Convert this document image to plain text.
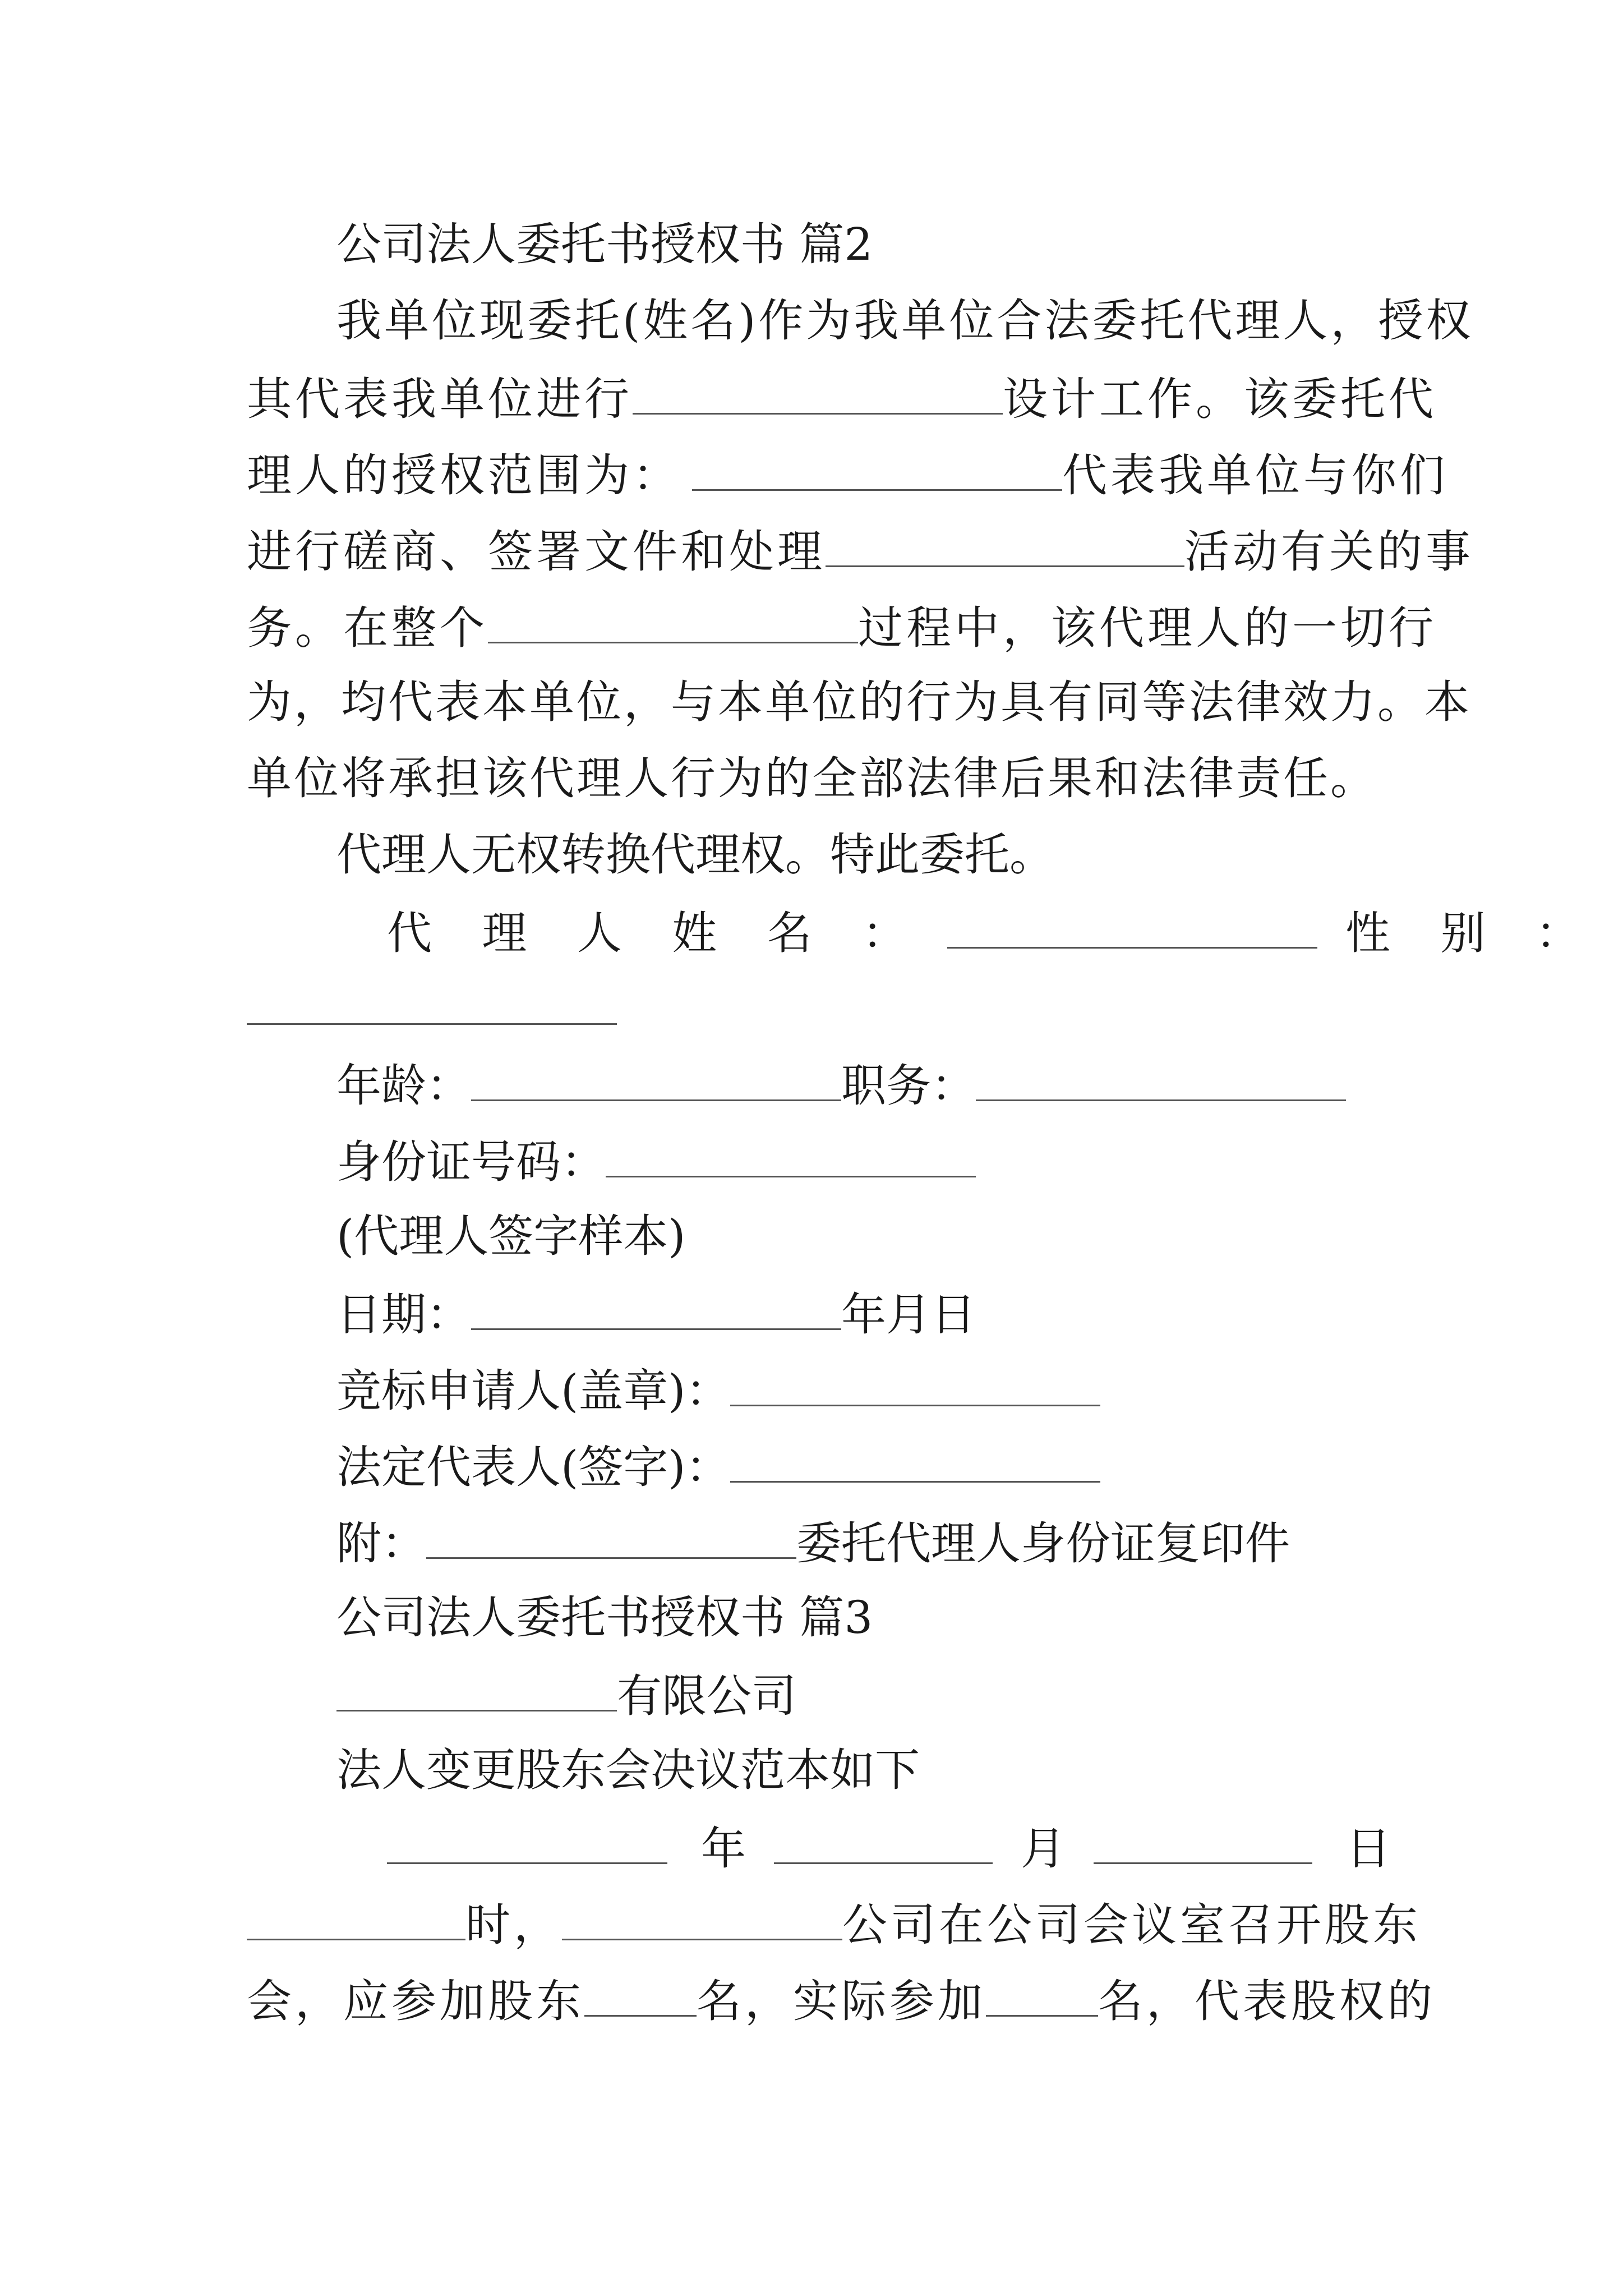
公司法人委托书授权书 篇2
我单位现委托(姓名)作为我单位合法委托代理人，授权
其代表我单位进行	设计工作。该委托代
理人的授权范围为：	代表我单位与你们
进行磋商、签署文件和处理	活动有关的事
务。在整个	过程中，该代理人的一切行
为，均代表本单位，与本单位的行为具有同等法律效力。本
单位将承担该代理人行为的全部法律后果和法律责任。
代理人无权转换代理权。特此委托。
代 理 人 姓 名 ：	性 别 ：
年龄：	职务：
身份证号码：
(代理人签字样本)
日期：	年月日
竞标申请人(盖章)：
法定代表人(签字)：
附：	委托代理人身份证复印件
公司法人委托书授权书 篇3
有限公司
法人变更股东会决议范本如下
年	月	日
时，	公司在公司会议室召开股东
会，应参加股东	名，实际参加	名，代表股权的
